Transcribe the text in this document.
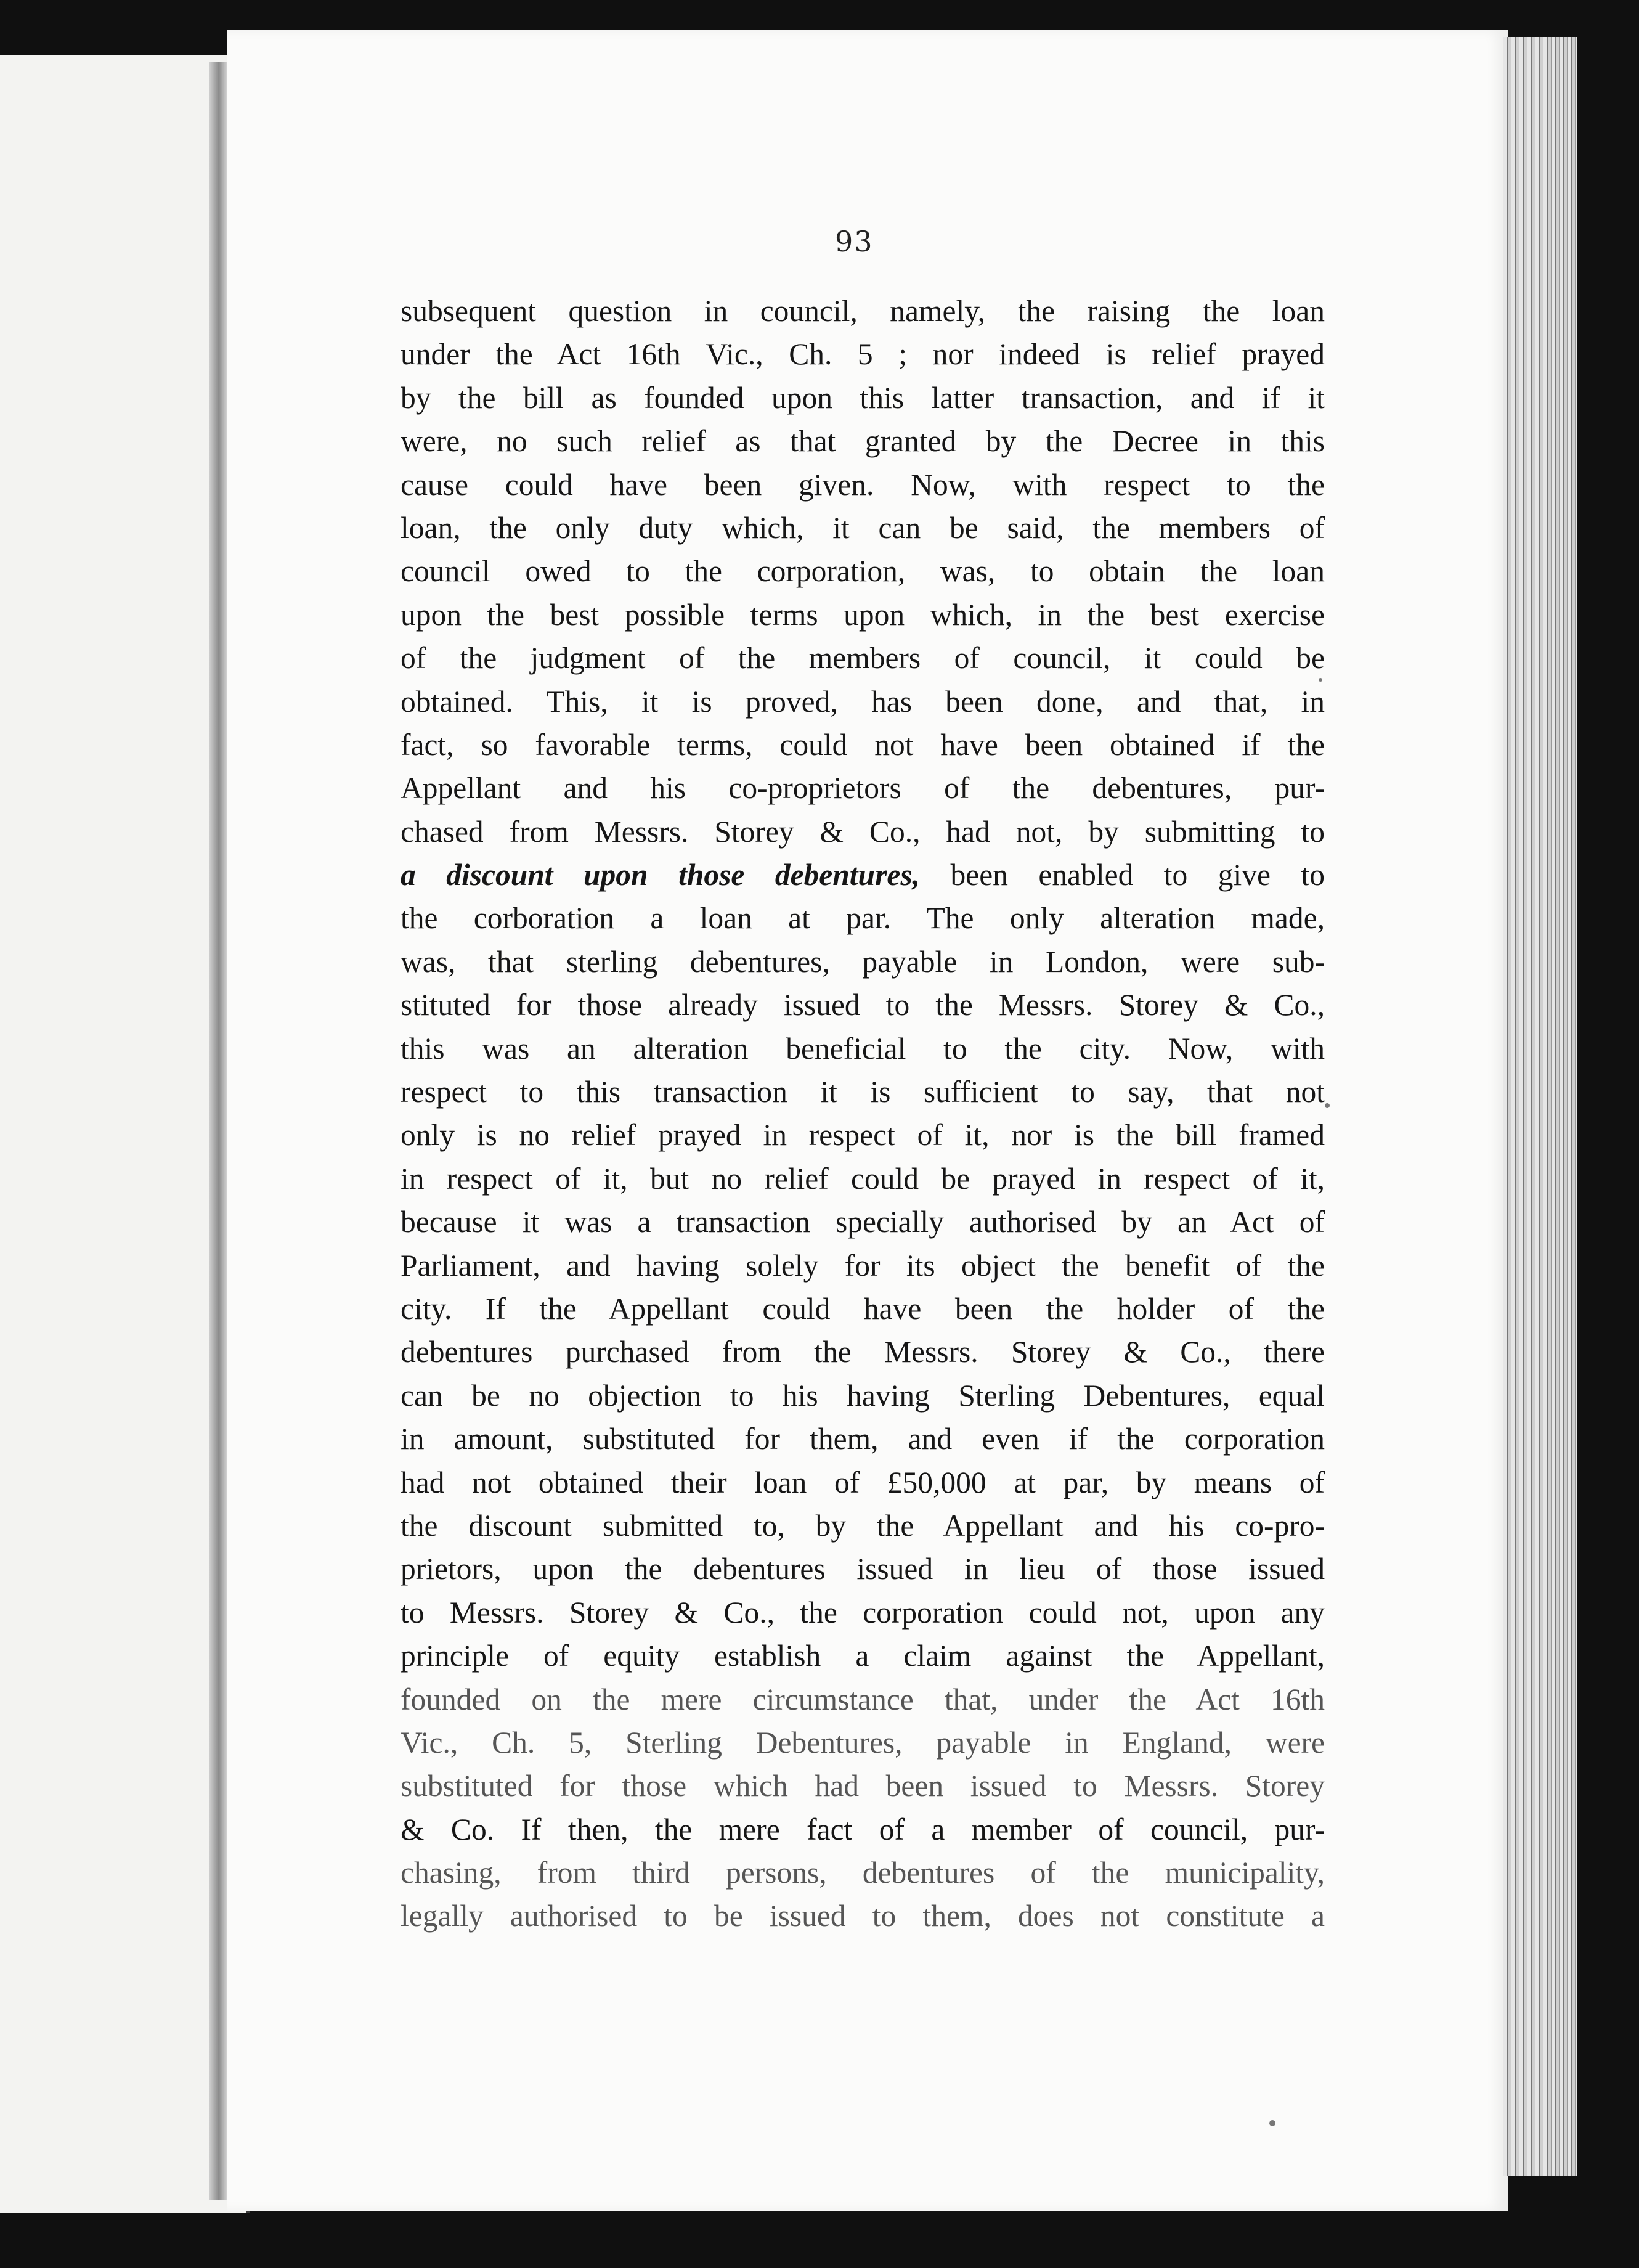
93
subsequent question in council, namely, the raising the loan
under the Act 16th Vic., Ch. 5 ; nor indeed is relief prayed
by the bill as founded upon this latter transaction, and if it
were, no such relief as that granted by the Decree in this
cause could have been given. Now, with respect to the
loan, the only duty which, it can be said, the members of
council owed to the corporation, was, to obtain the loan
upon the best possible terms upon which, in the best exercise
of the judgment of the members of council, it could be
obtained. This, it is proved, has been done, and that, in
fact, so favorable terms, could not have been obtained if the
Appellant and his co-proprietors of the debentures, pur-
chased from Messrs. Storey & Co., had not, by submitting to
a discount upon those debentures, been enabled to give to
the corboration a loan at par. The only alteration made,
was, that sterling debentures, payable in London, were sub-
stituted for those already issued to the Messrs. Storey & Co.,
this was an alteration beneficial to the city. Now, with
respect to this transaction it is sufficient to say, that not
only is no relief prayed in respect of it, nor is the bill framed
in respect of it, but no relief could be prayed in respect of it,
because it was a transaction specially authorised by an Act of
Parliament, and having solely for its object the benefit of the
city. If the Appellant could have been the holder of the
debentures purchased from the Messrs. Storey & Co., there
can be no objection to his having Sterling Debentures, equal
in amount, substituted for them, and even if the corporation
had not obtained their loan of £50,000 at par, by means of
the discount submitted to, by the Appellant and his co-pro-
prietors, upon the debentures issued in lieu of those issued
to Messrs. Storey & Co., the corporation could not, upon any
principle of equity establish a claim against the Appellant,
founded on the mere circumstance that, under the Act 16th
Vic., Ch. 5, Sterling Debentures, payable in England, were
substituted for those which had been issued to Messrs. Storey
& Co. If then, the mere fact of a member of council, pur-
chasing, from third persons, debentures of the municipality,
legally authorised to be issued to them, does not constitute a
